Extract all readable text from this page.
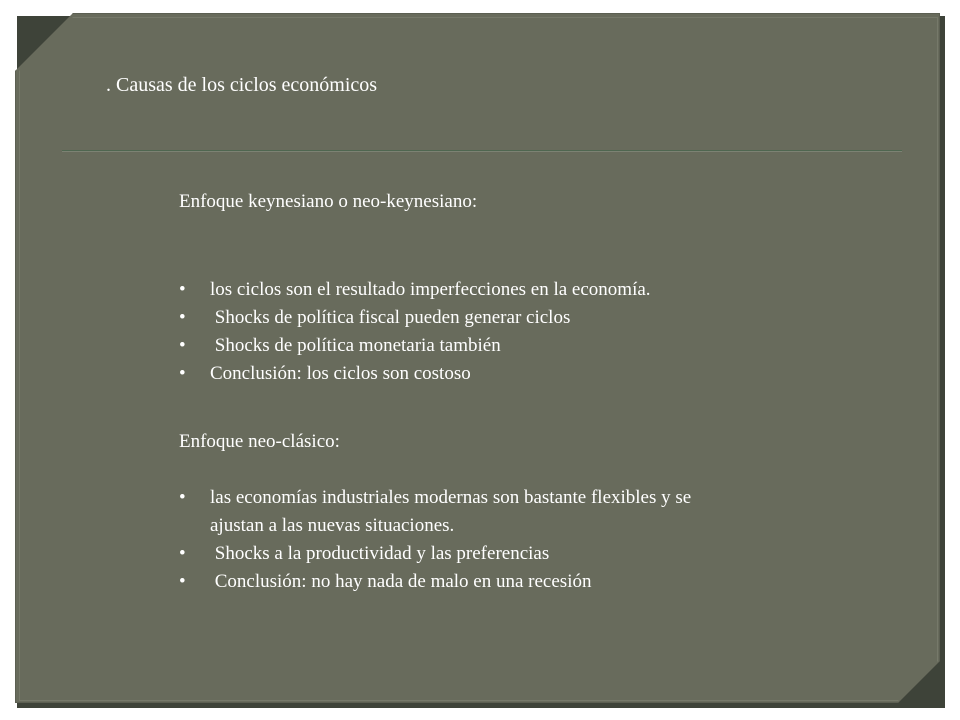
. Causas de los ciclos económicos
Enfoque keynesiano o neo-keynesiano:
• los ciclos son el resultado imperfecciones en la economía.
• Shocks de política fiscal pueden generar ciclos
• Shocks de política monetaria también
• Conclusión: los ciclos son costoso
Enfoque neo-clásico:
• las economías industriales modernas son bastante flexibles y se ajustan a las nuevas situaciones.
• Shocks a la productividad y las preferencias
• Conclusión: no hay nada de malo en una recesión
